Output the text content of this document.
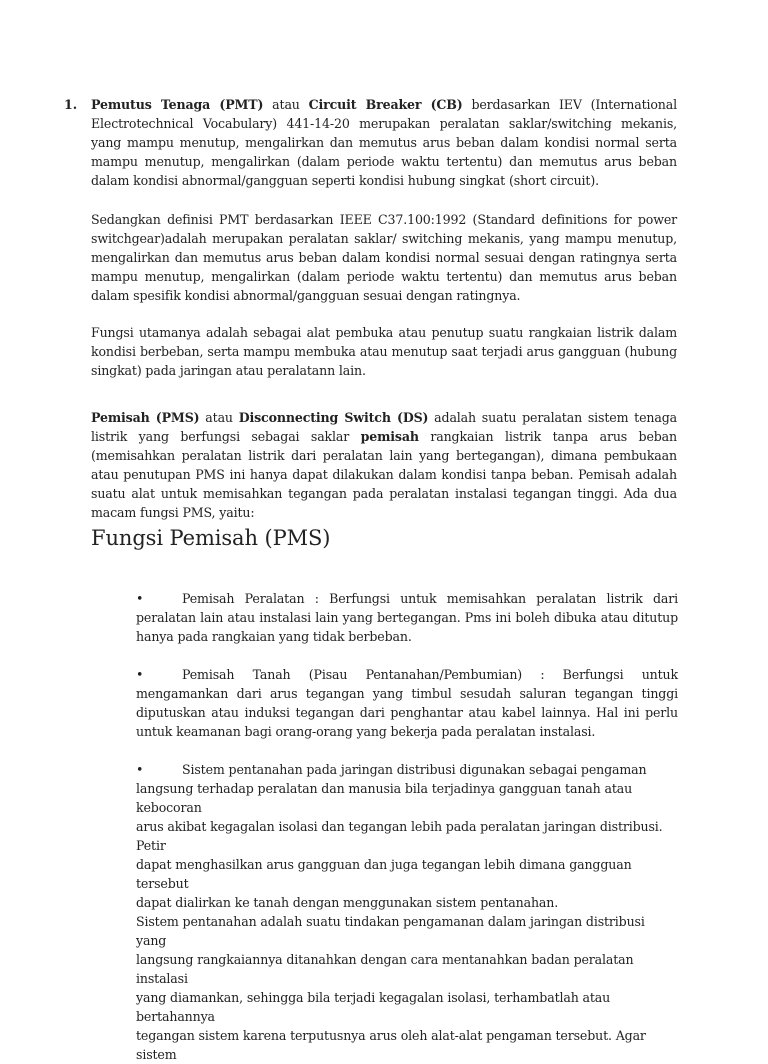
1. Pemutus Tenaga (PMT) atau Circuit Breaker (CB) berdasarkan IEV (International Electrotechnical Vocabulary) 441-14-20 merupakan peralatan saklar/switching mekanis, yang mampu menutup, mengalirkan dan memutus arus beban dalam kondisi normal serta mampu menutup, mengalirkan (dalam periode waktu tertentu) dan memutus arus beban dalam kondisi abnormal/gangguan seperti kondisi hubung singkat (short circuit).

Sedangkan definisi PMT berdasarkan IEEE C37.100:1992 (Standard definitions for power switchgear)adalah merupakan peralatan saklar/ switching mekanis, yang mampu menutup, mengalirkan dan memutus arus beban dalam kondisi normal sesuai dengan ratingnya serta mampu menutup, mengalirkan (dalam periode waktu tertentu) dan memutus arus beban dalam spesifik kondisi abnormal/gangguan sesuai dengan ratingnya.

Fungsi utamanya adalah sebagai alat pembuka atau penutup suatu rangkaian listrik dalam kondisi berbeban, serta mampu membuka atau menutup saat terjadi arus gangguan (hubung singkat) pada jaringan atau peralatann lain.

Pemisah (PMS) atau Disconnecting Switch (DS) adalah suatu peralatan sistem tenaga listrik yang berfungsi sebagai saklar pemisah rangkaian listrik tanpa arus beban (memisahkan peralatan listrik dari peralatan lain yang bertegangan), dimana pembukaan atau penutupan PMS ini hanya dapat dilakukan dalam kondisi tanpa beban. Pemisah adalah suatu alat untuk memisahkan tegangan pada peralatan instalasi tegangan tinggi. Ada dua macam fungsi PMS, yaitu:

Fungsi Pemisah (PMS)

•	Pemisah Peralatan : Berfungsi untuk memisahkan peralatan listrik dari peralatan lain atau instalasi lain yang bertegangan. Pms ini boleh dibuka atau ditutup hanya pada rangkaian yang tidak berbeban.

•	Pemisah Tanah (Pisau Pentanahan/Pembumian) : Berfungsi untuk mengamankan dari arus tegangan yang timbul sesudah saluran tegangan tinggi diputuskan atau induksi tegangan dari penghantar atau kabel lainnya. Hal ini perlu untuk keamanan bagi orang-orang yang bekerja pada peralatan instalasi.

•	Sistem pentanahan pada jaringan distribusi digunakan sebagai pengaman
langsung terhadap peralatan dan manusia bila terjadinya gangguan tanah atau kebocoran
arus akibat kegagalan isolasi dan tegangan lebih pada peralatan jaringan distribusi. Petir
dapat menghasilkan arus gangguan dan juga tegangan lebih dimana gangguan tersebut
dapat dialirkan ke tanah dengan menggunakan sistem pentanahan.
Sistem pentanahan adalah suatu tindakan pengamanan dalam jaringan distribusi yang
langsung rangkaiannya ditanahkan dengan cara mentanahkan badan peralatan instalasi
yang diamankan, sehingga bila terjadi kegagalan isolasi, terhambatlah atau bertahannya
tegangan sistem karena terputusnya arus oleh alat-alat pengaman tersebut. Agar sistem
